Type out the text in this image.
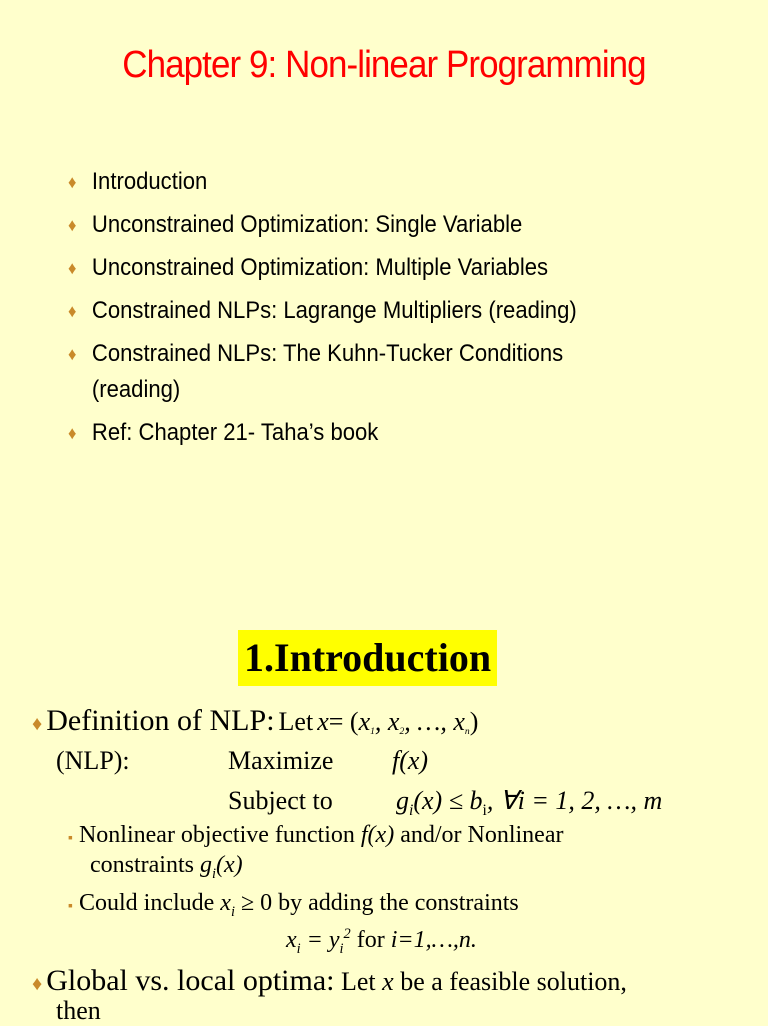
Chapter 9: Non-linear Programming
♦ Introduction
♦ Unconstrained Optimization: Single Variable
♦ Unconstrained Optimization: Multiple Variables
♦ Constrained NLPs: Lagrange Multipliers (reading)
♦ Constrained NLPs: The Kuhn-Tucker Conditions
(reading)
♦ Ref: Chapter 21- Taha’s book
1.Introduction
♦ Definition of NLP: Let $x= (x_1$, $x_2$, …, $x_n$)
(NLP):	Maximize f(x)
Subject to $g_i(x) \le b_i$, ∀i = 1, 2, …, m
▪ Nonlinear objective function f(x) and/or Nonlinear
constraints $g_i(x)$
▪ Could include $x_i \ge 0$ by adding the constraints
$x_i = y_i^2$ for i=1,…,n.
♦ Global vs. local optima: Let x be a feasible solution,
then
